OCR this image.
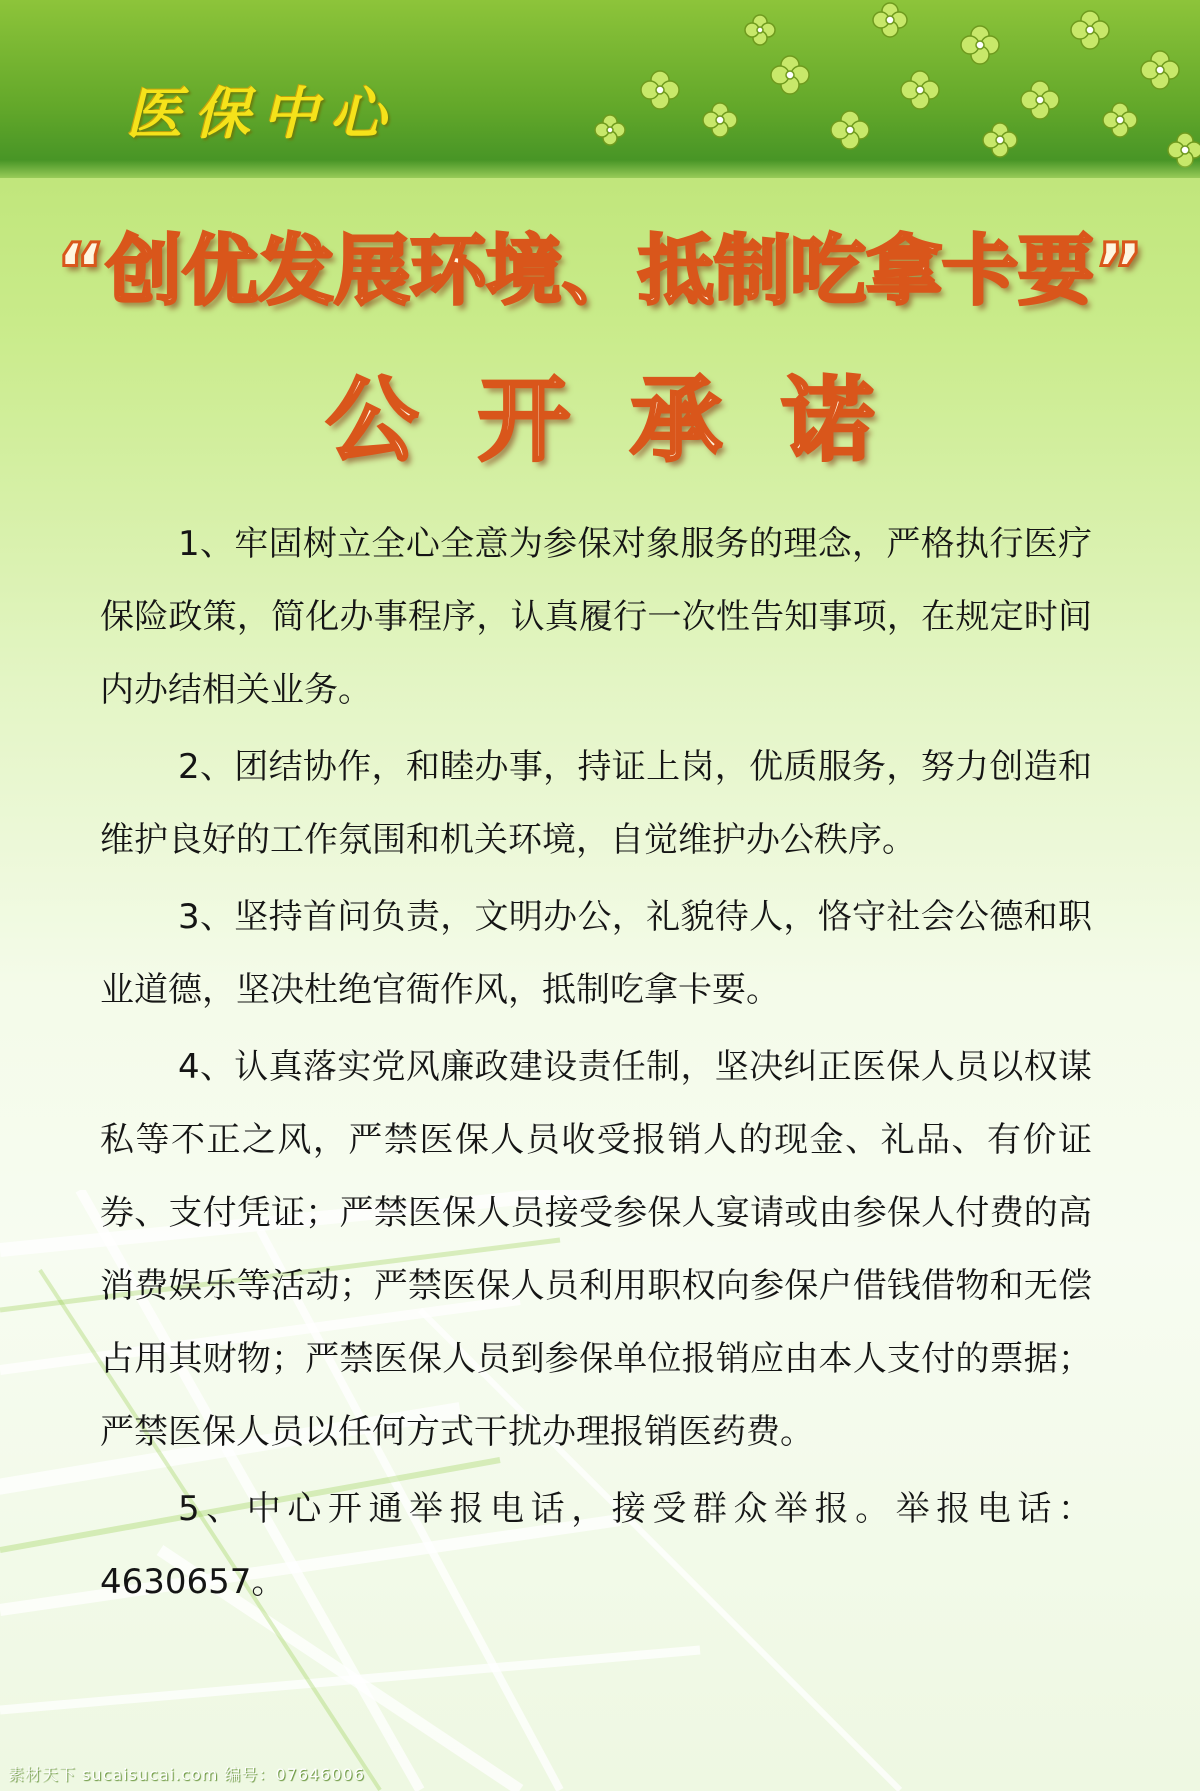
医保中心
“创优发展环境、抵制吃拿卡要”
公开承诺

1、牢固树立全心全意为参保对象服务的理念，严格执行医疗保险政策，简化办事程序，认真履行一次性告知事项，在规定时间内办结相关业务。

2、团结协作，和睦办事，持证上岗，优质服务，努力创造和维护良好的工作氛围和机关环境，自觉维护办公秩序。

3、坚持首问负责，文明办公，礼貌待人，恪守社会公德和职业道德，坚决杜绝官衙作风，抵制吃拿卡要。

4、认真落实党风廉政建设责任制，坚决纠正医保人员以权谋私等不正之风，严禁医保人员收受报销人的现金、礼品、有价证券、支付凭证；严禁医保人员接受参保人宴请或由参保人付费的高消费娱乐等活动；严禁医保人员利用职权向参保户借钱借物和无偿占用其财物；严禁医保人员到参保单位报销应由本人支付的票据；严禁医保人员以任何方式干扰办理报销医药费。

5、中心开通举报电话，接受群众举报。举报电话：4630657。

素材天下 sucaisucai.com 编号：07646006
